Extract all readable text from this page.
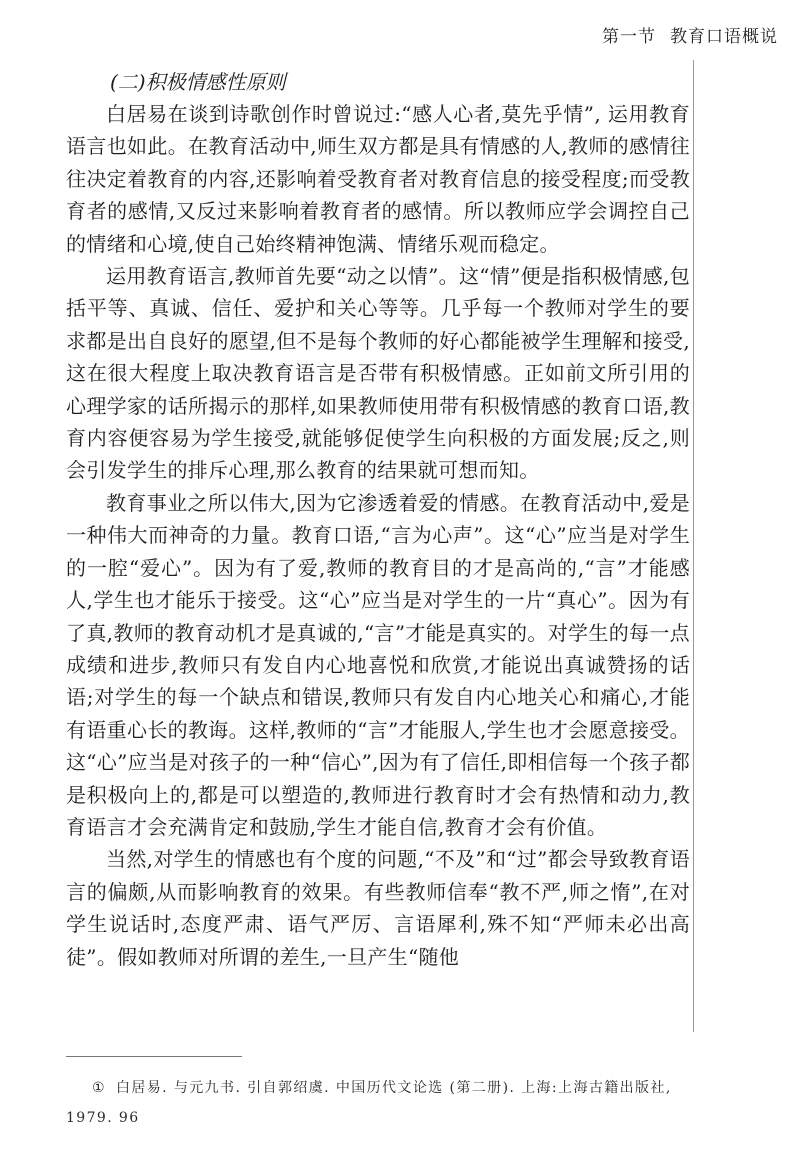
第一节 教育口语概说
(二)积极情感性原则

白居易在谈到诗歌创作时曾说过:“感人心者,莫先乎情”, 运用教育语言也如此。在教育活动中,师生双方都是具有情感的人,教师的感情往往决定着教育的内容,还影响着受教育者对教育信息的接受程度;而受教育者的感情,又反过来影响着教育者的感情。所以教师应学会调控自己的情绪和心境,使自己始终精神饱满、情绪乐观而稳定。

运用教育语言,教师首先要“动之以情”。这“情”便是指积极情感,包括平等、真诚、信任、爱护和关心等等。几乎每一个教师对学生的要求都是出自良好的愿望,但不是每个教师的好心都能被学生理解和接受,这在很大程度上取决教育语言是否带有积极情感。正如前文所引用的心理学家的话所揭示的那样,如果教师使用带有积极情感的教育口语,教育内容便容易为学生接受,就能够促使学生向积极的方面发展;反之,则会引发学生的排斥心理,那么教育的结果就可想而知。

教育事业之所以伟大,因为它渗透着爱的情感。在教育活动中,爱是一种伟大而神奇的力量。教育口语,“言为心声”。这“心”应当是对学生的一腔“爱心”。因为有了爱,教师的教育目的才是高尚的,“言”才能感人,学生也才能乐于接受。这“心”应当是对学生的一片“真心”。因为有了真,教师的教育动机才是真诚的,“言”才能是真实的。对学生的每一点成绩和进步,教师只有发自内心地喜悦和欣赏,才能说出真诚赞扬的话语;对学生的每一个缺点和错误,教师只有发自内心地关心和痛心,才能有语重心长的教诲。这样,教师的“言”才能服人,学生也才会愿意接受。这“心”应当是对孩子的一种“信心”,因为有了信任,即相信每一个孩子都是积极向上的,都是可以塑造的,教师进行教育时才会有热情和动力,教育语言才会充满肯定和鼓励,学生才能自信,教育才会有价值。

当然,对学生的情感也有个度的问题,“不及”和“过”都会导致教育语言的偏颇,从而影响教育的效果。有些教师信奉“教不严,师之惰”,在对学生说话时,态度严肃、语气严厉、言语犀利,殊不知“严师未必出高徒”。假如教师对所谓的差生,一旦产生“随他

① 白居易. 与元九书. 引自郭绍虞. 中国历代文论选 (第二册). 上海:上海古籍出版社, 1979. 96
